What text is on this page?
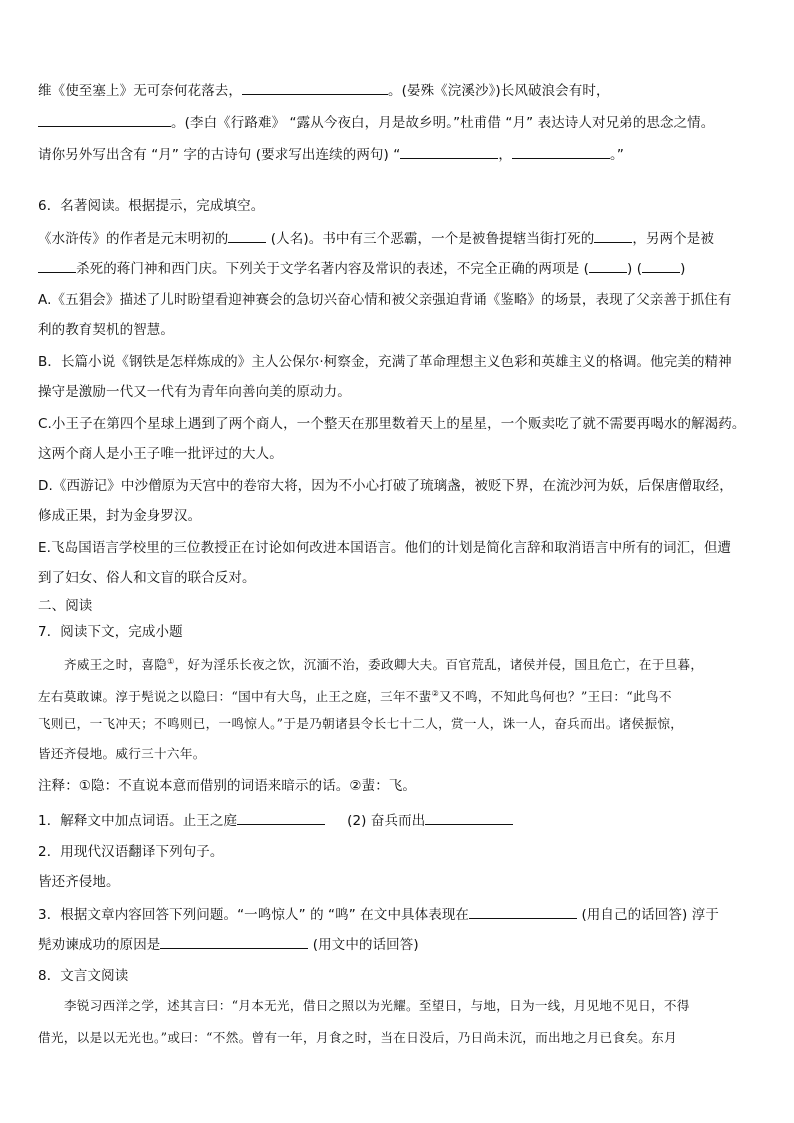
维《使至塞上》无可奈何花落去，	。(晏殊《浣溪沙》)长风破浪会有时，
。(李白《行路难》 “露从今夜白，月是故乡明。”杜甫借 “月” 表达诗人对兄弟的思念之情。
请你另外写出含有 “月” 字的古诗句 (要求写出连续的两句) “	，	。”
6．名著阅读。根据提示，完成填空。
《水浒传》的作者是元末明初的	(人名)。书中有三个恶霸，一个是被鲁提辖当街打死的	，另两个是被
杀死的蒋门神和西门庆。下列关于文学名著内容及常识的表述，不完全正确的两项是 (	) (	)
A.《五猖会》描述了儿时盼望看迎神赛会的急切兴奋心情和被父亲强迫背诵《鉴略》的场景，表现了父亲善于抓住有
利的教育契机的智慧。
B．长篇小说《钢铁是怎样炼成的》主人公保尔·柯察金，充满了革命理想主义色彩和英雄主义的格调。他完美的精神
操守是激励一代又一代有为青年向善向美的原动力。
C.小王子在第四个星球上遇到了两个商人，一个整天在那里数着天上的星星，一个贩卖吃了就不需要再喝水的解渴药。
这两个商人是小王子唯一批评过的大人。
D.《西游记》中沙僧原为天宫中的卷帘大将，因为不小心打破了琉璃盏，被贬下界，在流沙河为妖，后保唐僧取经，
修成正果，封为金身罗汉。
E.飞岛国语言学校里的三位教授正在讨论如何改进本国语言。他们的计划是简化言辞和取消语言中所有的词汇，但遭
到了妇女、俗人和文盲的联合反对。
二、阅读
7．阅读下文，完成小题
齐威王之时，喜隐①，好为淫乐长夜之饮，沉湎不治，委政卿大夫。百官荒乱，诸侯并侵，国且危亡，在于旦暮，
左右莫敢谏。淳于髡说之以隐曰：“国中有大鸟，止王之庭，三年不蜚②又不鸣，不知此鸟何也？”王曰：“此鸟不
飞则已，一飞冲天；不鸣则已，一鸣惊人。”于是乃朝诸县令长七十二人，赏一人，诛一人，奋兵而出。诸侯振惊，
皆还齐侵地。威行三十六年。
注释：①隐：不直说本意而借别的词语来暗示的话。②蜚：飞。
1．解释文中加点词语。止王之庭	(2) 奋兵而出
2．用现代汉语翻译下列句子。
皆还齐侵地。
3．根据文章内容回答下列问题。“一鸣惊人” 的 “鸣” 在文中具体表现在	(用自己的话回答) 淳于
髡劝谏成功的原因是	(用文中的话回答)
8．文言文阅读
李锐习西洋之学，述其言曰：“月本无光，借日之照以为光耀。至望日，与地，日为一线，月见地不见日，不得
借光，以是以无光也。”或曰：“不然。曾有一年，月食之时，当在日没后，乃日尚未沉，而出地之月已食矣。东月
